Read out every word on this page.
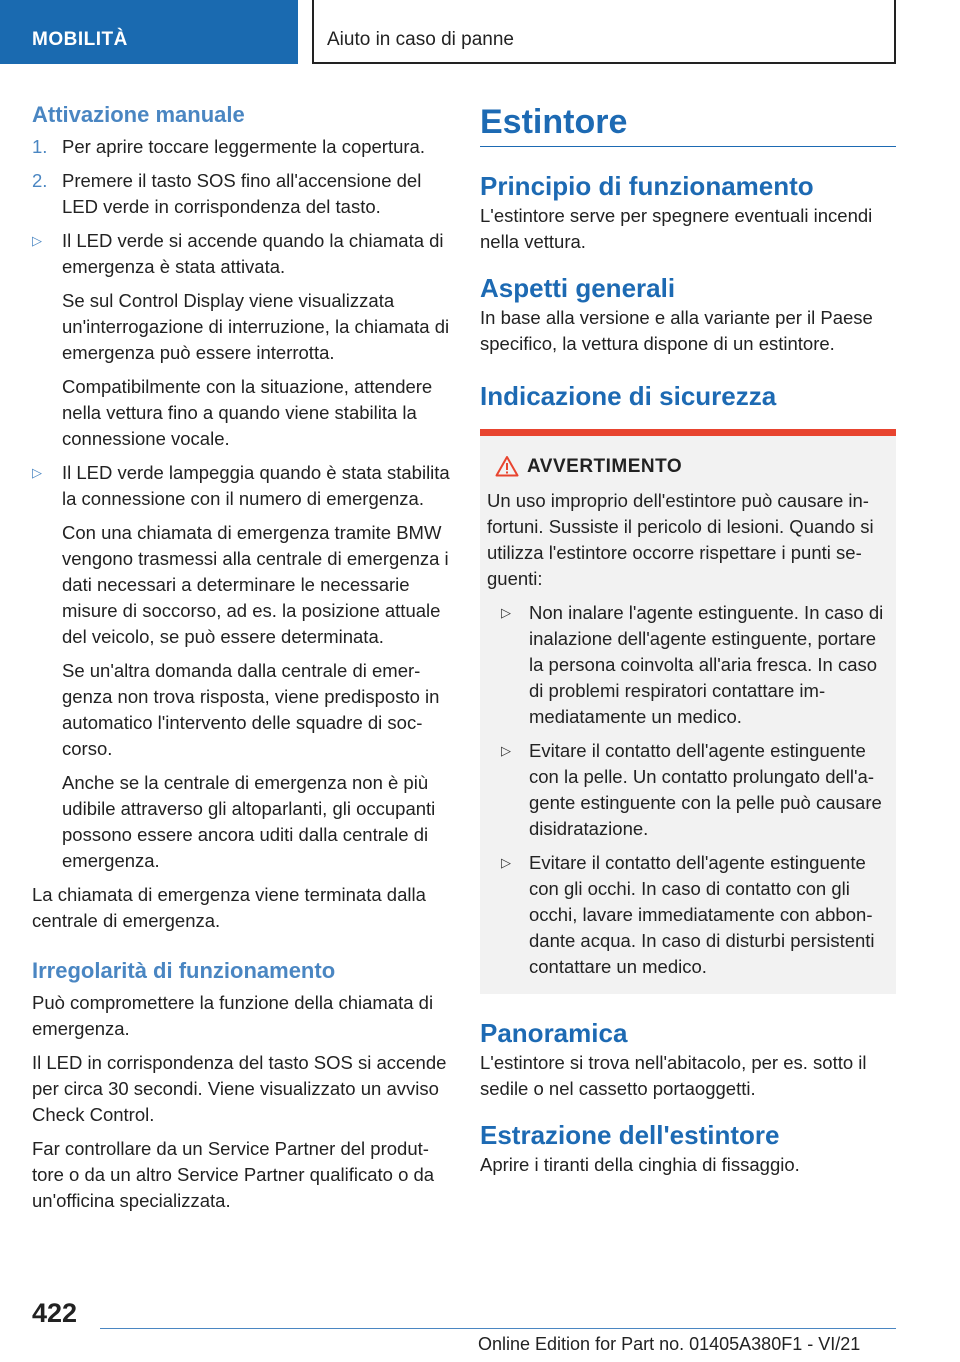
MOBILITÀ	Aiuto in caso di panne
Attivazione manuale
1. Per aprire toccare leggermente la copertura.
2. Premere il tasto SOS fino all'accensione del LED verde in corrispondenza del tasto.
▷ Il LED verde si accende quando la chiamata di emergenza è stata attivata.
Se sul Control Display viene visualizzata un'interrogazione di interruzione, la chiamata di emergenza può essere interrotta.
Compatibilmente con la situazione, attendere nella vettura fino a quando viene stabilita la connessione vocale.
▷ Il LED verde lampeggia quando è stata stabilita la connessione con il numero di emergenza.
Con una chiamata di emergenza tramite BMW vengono trasmessi alla centrale di emergenza i dati necessari a determinare le necessarie misure di soccorso, ad es. la posizione attuale del veicolo, se può essere determinata.
Se un'altra domanda dalla centrale di emergenza non trova risposta, viene predisposto in automatico l'intervento delle squadre di soccorso.
Anche se la centrale di emergenza non è più udibile attraverso gli altoparlanti, gli occupanti possono essere ancora uditi dalla centrale di emergenza.
La chiamata di emergenza viene terminata dalla centrale di emergenza.
Irregolarità di funzionamento
Può compromettere la funzione della chiamata di emergenza.
Il LED in corrispondenza del tasto SOS si accende per circa 30 secondi. Viene visualizzato un avviso Check Control.
Far controllare da un Service Partner del produttore o da un altro Service Partner qualificato o da un'officina specializzata.
Estintore
Principio di funzionamento
L'estintore serve per spegnere eventuali incendi nella vettura.
Aspetti generali
In base alla versione e alla variante per il Paese specifico, la vettura dispone di un estintore.
Indicazione di sicurezza
AVVERTIMENTO
Un uso improprio dell'estintore può causare infortuni. Sussiste il pericolo di lesioni. Quando si utilizza l'estintore occorre rispettare i punti seguenti:
▷ Non inalare l'agente estinguente. In caso di inalazione dell'agente estinguente, portare la persona coinvolta all'aria fresca. In caso di problemi respiratori contattare immediatamente un medico.
▷ Evitare il contatto dell'agente estinguente con la pelle. Un contatto prolungato dell'agente estinguente con la pelle può causare disidratazione.
▷ Evitare il contatto dell'agente estinguente con gli occhi. In caso di contatto con gli occhi, lavare immediatamente con abbondante acqua. In caso di disturbi persistenti contattare un medico.
Panoramica
L'estintore si trova nell'abitacolo, per es. sotto il sedile o nel cassetto portaoggetti.
Estrazione dell'estintore
Aprire i tiranti della cinghia di fissaggio.
422
Online Edition for Part no. 01405A380F1 - VI/21
